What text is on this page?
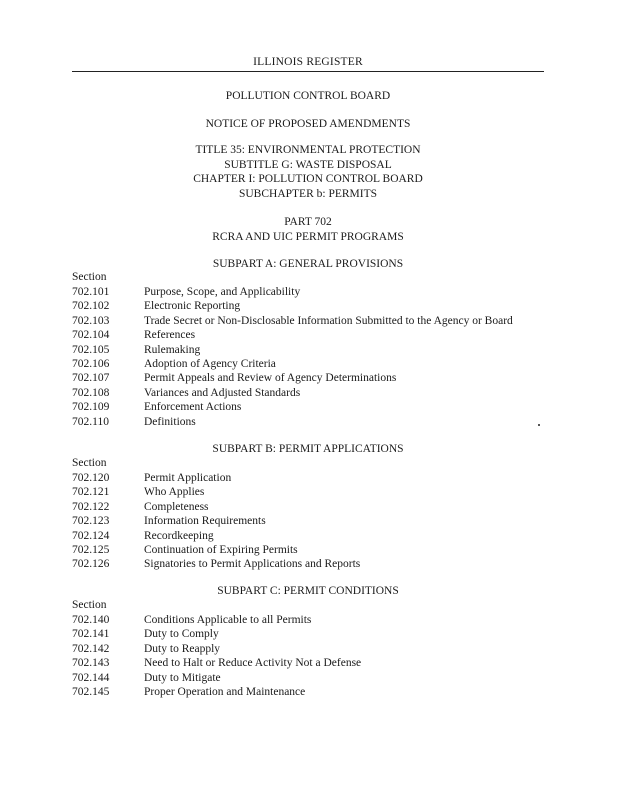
ILLINOIS REGISTER
POLLUTION CONTROL BOARD
NOTICE OF PROPOSED AMENDMENTS
TITLE 35: ENVIRONMENTAL PROTECTION
SUBTITLE G: WASTE DISPOSAL
CHAPTER I: POLLUTION CONTROL BOARD
SUBCHAPTER b: PERMITS
PART 702
RCRA AND UIC PERMIT PROGRAMS
SUBPART A: GENERAL PROVISIONS
Section
702.101	Purpose, Scope, and Applicability
702.102	Electronic Reporting
702.103	Trade Secret or Non-Disclosable Information Submitted to the Agency or Board
702.104	References
702.105	Rulemaking
702.106	Adoption of Agency Criteria
702.107	Permit Appeals and Review of Agency Determinations
702.108	Variances and Adjusted Standards
702.109	Enforcement Actions
702.110	Definitions
SUBPART B: PERMIT APPLICATIONS
Section
702.120	Permit Application
702.121	Who Applies
702.122	Completeness
702.123	Information Requirements
702.124	Recordkeeping
702.125	Continuation of Expiring Permits
702.126	Signatories to Permit Applications and Reports
SUBPART C: PERMIT CONDITIONS
Section
702.140	Conditions Applicable to all Permits
702.141	Duty to Comply
702.142	Duty to Reapply
702.143	Need to Halt or Reduce Activity Not a Defense
702.144	Duty to Mitigate
702.145	Proper Operation and Maintenance
